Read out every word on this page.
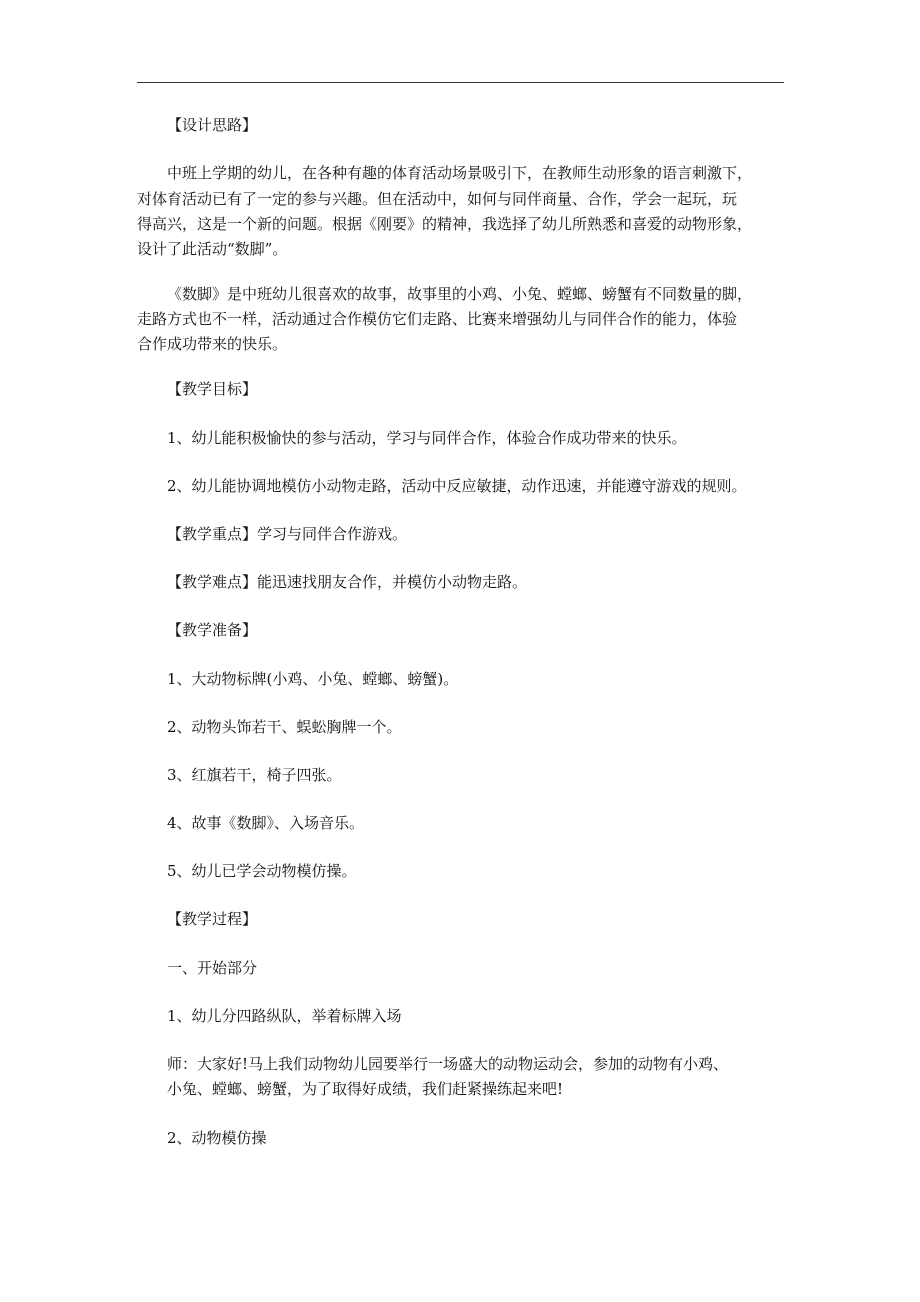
【设计思路】
中班上学期的幼儿，在各种有趣的体育活动场景吸引下，在教师生动形象的语言刺激下，
对体育活动已有了一定的参与兴趣。但在活动中，如何与同伴商量、合作，学会一起玩，玩
得高兴，这是一个新的问题。根据《刚要》的精神，我选择了幼儿所熟悉和喜爱的动物形象，
设计了此活动“数脚”。
《数脚》是中班幼儿很喜欢的故事，故事里的小鸡、小兔、螳螂、螃蟹有不同数量的脚，
走路方式也不一样，活动通过合作模仿它们走路、比赛来增强幼儿与同伴合作的能力，体验
合作成功带来的快乐。
【教学目标】
1、幼儿能积极愉快的参与活动，学习与同伴合作，体验合作成功带来的快乐。
2、幼儿能协调地模仿小动物走路，活动中反应敏捷，动作迅速，并能遵守游戏的规则。
【教学重点】学习与同伴合作游戏。
【教学难点】能迅速找朋友合作，并模仿小动物走路。
【教学准备】
1、大动物标牌(小鸡、小兔、螳螂、螃蟹)。
2、动物头饰若干、蜈蚣胸牌一个。
3、红旗若干，椅子四张。
4、故事《数脚》、入场音乐。
5、幼儿已学会动物模仿操。
【教学过程】
一、开始部分
1、幼儿分四路纵队，举着标牌入场
师：大家好!马上我们动物幼儿园要举行一场盛大的动物运动会，参加的动物有小鸡、
小兔、螳螂、螃蟹，为了取得好成绩，我们赶紧操练起来吧!
2、动物模仿操
